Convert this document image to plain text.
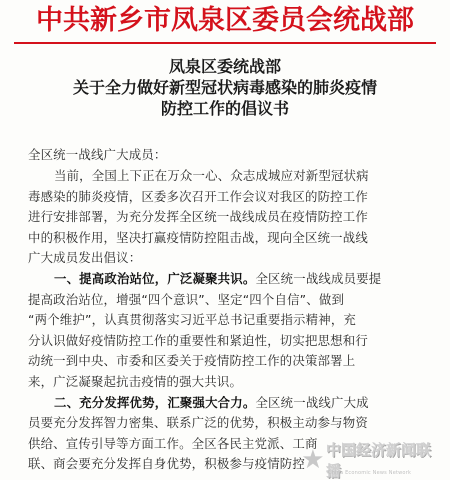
中共新乡市凤泉区委员会统战部
凤泉区委统战部
关于全力做好新型冠状病毒感染的肺炎疫情
防控工作的倡议书
全区统一战线广大成员：
当前，全国上下正在万众一心、众志成城应对新型冠状病
毒感染的肺炎疫情，区委多次召开工作会议对我区的防控工作
进行安排部署，为充分发挥全区统一战线成员在疫情防控工作
中的积极作用，坚决打赢疫情防控阻击战，现向全区统一战线
广大成员发出倡议：
一、提高政治站位，广泛凝聚共识。全区统一战线成员要提
提高政治站位，增强“四个意识”、坚定“四个自信”、做到
“两个维护”，认真贯彻落实习近平总书记重要指示精神，充
分认识做好疫情防控工作的重要性和紧迫性，切实把思想和行
动统一到中央、市委和区委关于疫情防控工作的决策部署上
来，广泛凝聚起抗击疫情的强大共识。
二、充分发挥优势，汇聚强大合力。全区统一战线广大成
员要充分发挥智力密集、联系广泛的优势，积极主动参与物资
供给、宣传引导等方面工作。全区各民主党派、工商
联、商会要充分发挥自身优势，积极参与疫情防控
★ 中国经济新闻联播
China Economic News Network
